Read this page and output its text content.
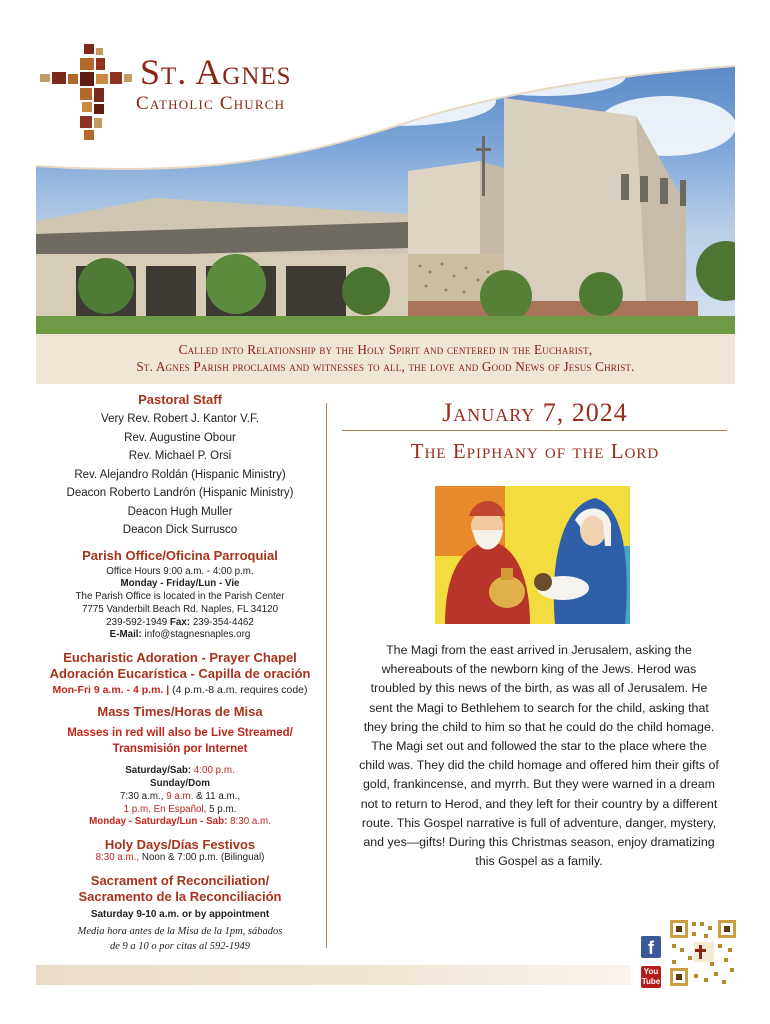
St. Agnes
Catholic Church
Called into Relationship by the Holy Spirit and centered in the Eucharist,
St. Agnes Parish proclaims and witnesses to all, the love and Good News of Jesus Christ.
Pastoral Staff
Very Rev. Robert J. Kantor V.F.
Rev. Augustine Obour
Rev. Michael P. Orsi
Rev. Alejandro Roldán (Hispanic Ministry)
Deacon Roberto Landrón (Hispanic Ministry)
Deacon Hugh Muller
Deacon Dick Surrusco
Parish Office/Oficina Parroquial
Office Hours 9:00 a.m. - 4:00 p.m.
Monday - Friday/Lun - Vie
The Parish Office is located in the Parish Center
7775 Vanderbilt Beach Rd. Naples, FL 34120
239-592-1949 Fax: 239-354-4462
E-Mail: info@stagnesnaples.org
Eucharistic Adoration - Prayer Chapel
Adoración Eucarística - Capilla de oración
Mon-Fri 9 a.m. - 4 p.m. | (4 p.m.-8 a.m. requires code)
Mass Times/Horas de Misa
Masses in red will also be Live Streamed/
Transmisión por Internet
Saturday/Sab: 4:00 p.m.
Sunday/Dom
7:30 a.m., 9 a.m. & 11 a.m.,
1 p.m. En Español, 5 p.m.
Monday - Saturday/Lun - Sab: 8:30 a.m.
Holy Days/Días Festivos
8:30 a.m., Noon & 7:00 p.m. (Bilingual)
Sacrament of Reconciliation/
Sacramento de la Reconciliación
Saturday 9-10 a.m. or by appointment
Media hora antes de la Misa de la 1pm, sábados
de 9 a 10 o por citas al 592-1949
January 7, 2024
The Epiphany of the Lord
The Magi from the east arrived in Jerusalem, asking the whereabouts of the newborn king of the Jews. Herod was troubled by this news of the birth, as was all of Jerusalem. He sent the Magi to Bethlehem to search for the child, asking that they bring the child to him so that he could do the child homage. The Magi set out and followed the star to the place where the child was. They did the child homage and offered him their gifts of gold, frankincense, and myrrh. But they were warned in a dream not to return to Herod, and they left for their country by a different route. This Gospel narrative is full of adventure, danger, mystery, and yes—gifts! During this Christmas season, enjoy dramatizing this Gospel as a family.
f
You
Tube
